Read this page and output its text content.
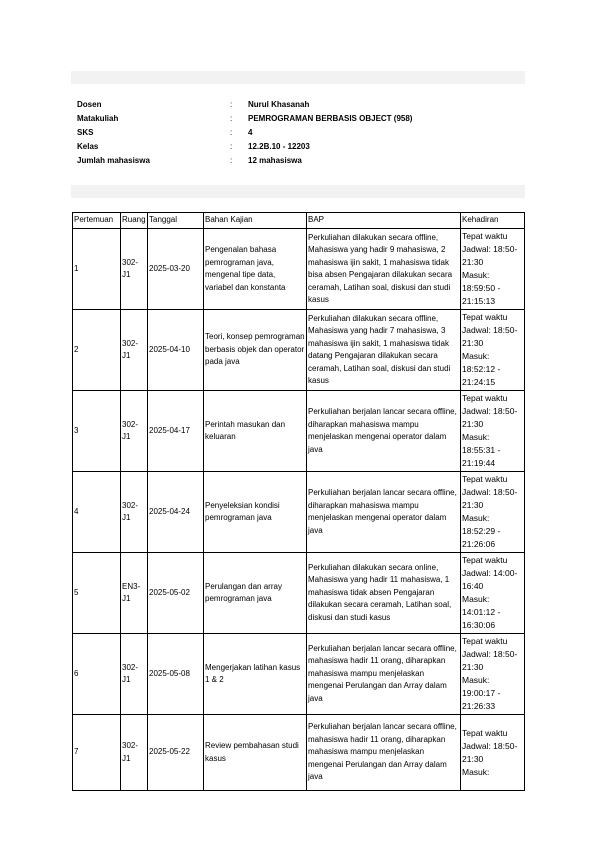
Dosen	: Nurul Khasanah
Matakuliah	: PEMROGRAMAN BERBASIS OBJECT (958)
SKS	: 4
Kelas	: 12.2B.10 - 12203
Jumlah mahasiswa	: 12 mahasiswa
Pertemuan	Ruang	Tanggal	Bahan Kajian	BAP	Kehadiran
1	302-J1	2025-03-20	Pengenalan bahasa pemrograman java, mengenal tipe data, variabel dan konstanta	Perkuliahan dilakukan secara offline, Mahasiswa yang hadir 9 mahasiswa, 2 mahasiswa ijin sakit, 1 mahasiswa tidak bisa absen Pengajaran dilakukan secara ceramah, Latihan soal, diskusi dan studi kasus	Tepat waktu
Jadwal: 18:50-21:30
Masuk: 18:59:50 - 21:15:13

2	302-J1	2025-04-10	Teori, konsep pemrograman berbasis objek dan operator pada java	Perkuliahan dilakukan secara offline, Mahasiswa yang hadir 7 mahasiswa, 3 mahasiswa ijin sakit, 1 mahasiswa tidak datang Pengajaran dilakukan secara ceramah, Latihan soal, diskusi dan studi kasus	Tepat waktu
Jadwal: 18:50-21:30
Masuk: 18:52:12 - 21:24:15

3	302-J1	2025-04-17	Perintah masukan dan keluaran	Perkuliahan berjalan lancar secara offline, diharapkan mahasiswa mampu menjelaskan mengenai operator dalam java	Tepat waktu
Jadwal: 18:50-21:30
Masuk: 18:55:31 - 21:19:44

4	302-J1	2025-04-24	Penyeleksian kondisi pemrograman java	Perkuliahan berjalan lancar secara offline, diharapkan mahasiswa mampu menjelaskan mengenai operator dalam java	Tepat waktu
Jadwal: 18:50-21:30
Masuk: 18:52:29 - 21:26:06

5	EN3-J1	2025-05-02	Perulangan dan array pemrograman java	Perkuliahan dilakukan secara online, Mahasiswa yang hadir 11 mahasiswa, 1 mahasiswa tidak absen Pengajaran dilakukan secara ceramah, Latihan soal, diskusi dan studi kasus	Tepat waktu
Jadwal: 14:00-16:40
Masuk: 14:01:12 - 16:30:06

6	302-J1	2025-05-08	Mengerjakan latihan kasus 1 & 2	Perkuliahan berjalan lancar secara offline, mahasiswa hadir 11 orang, diharapkan mahasiswa mampu menjelaskan mengenai Perulangan dan Array dalam java	Tepat waktu
Jadwal: 18:50-21:30
Masuk: 19:00:17 - 21:26:33

7	302-J1	2025-05-22	Review pembahasan studi kasus	Perkuliahan berjalan lancar secara offline, mahasiswa hadir 11 orang, diharapkan mahasiswa mampu menjelaskan mengenai Perulangan dan Array dalam java	Tepat waktu
Jadwal: 18:50-21:30
Masuk:
